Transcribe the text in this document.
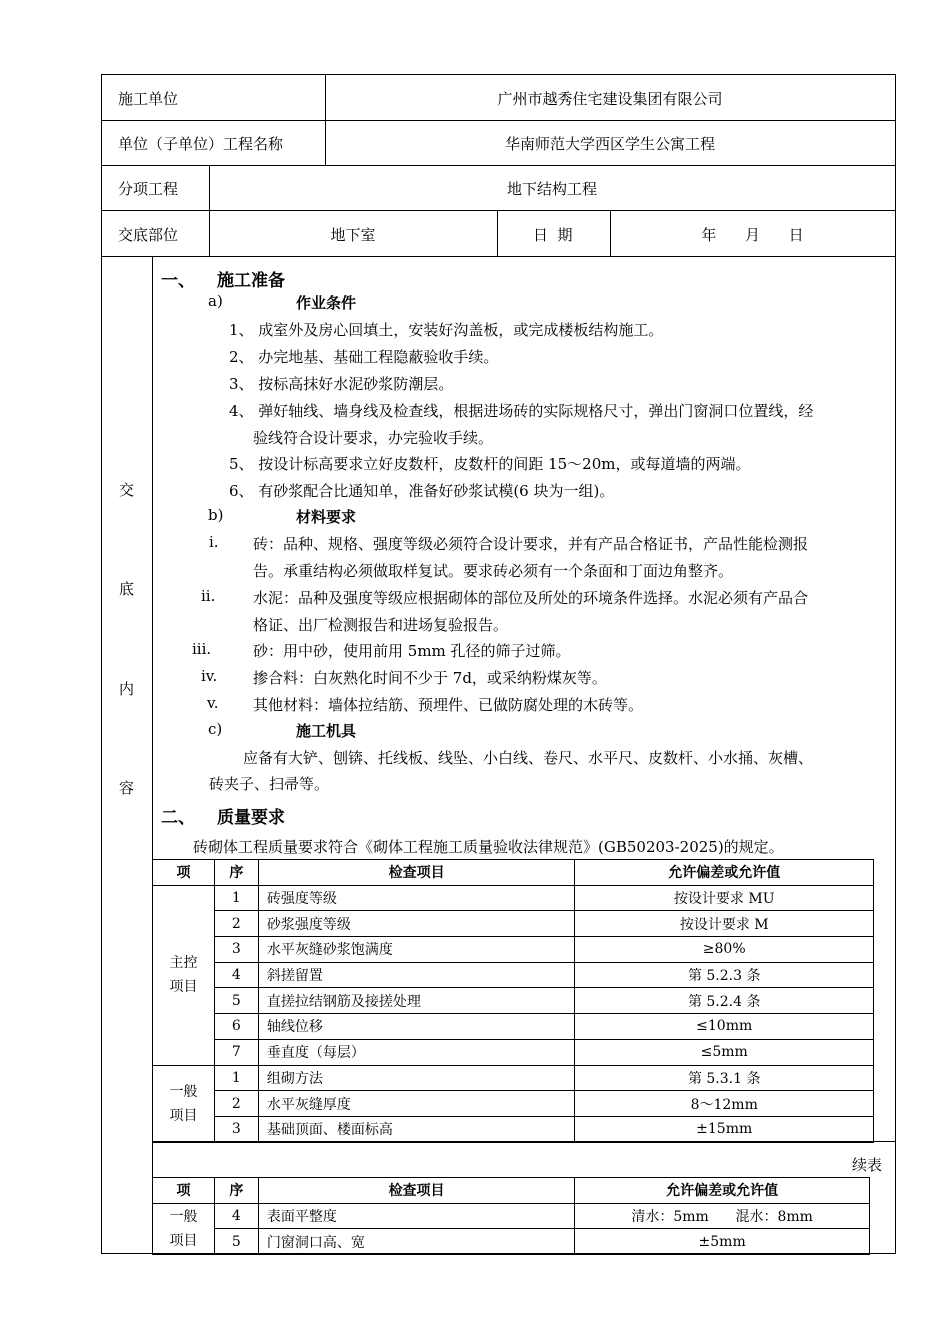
施工单位	广州市越秀住宅建设集团有限公司
单位（子单位）工程名称	华南师范大学西区学生公寓工程
分项工程	地下结构工程
交底部位	地下室	日  期	年      月      日
交
底
内
容
一、 施工准备
a)	作业条件
1、 成室外及房心回填土，安装好沟盖板，或完成楼板结构施工。
2、 办完地基、基础工程隐蔽验收手续。
3、 按标高抹好水泥砂浆防潮层。
4、 弹好轴线、墙身线及检查线，根据进场砖的实际规格尺寸，弹出门窗洞口位置线，经
验线符合设计要求，办完验收手续。
5、 按设计标高要求立好皮数杆，皮数杆的间距 15～20m，或每道墙的两端。
6、 有砂浆配合比通知单，准备好砂浆试模(6 块为一组)。
b)	材料要求
i. 砖：品种、规格、强度等级必须符合设计要求，并有产品合格证书，产品性能检测报
告。承重结构必须做取样复试。要求砖必须有一个条面和丁面边角整齐。
ii.	水泥：品种及强度等级应根据砌体的部位及所处的环境条件选择。水泥必须有产品合
格证、出厂检测报告和进场复验报告。
iii.	砂：用中砂，使用前用 5mm 孔径的筛子过筛。
iv. 掺合料：白灰熟化时间不少于 7d，或采纳粉煤灰等。
v. 其他材料：墙体拉结筋、预埋件、已做防腐处理的木砖等。
c)	施工机具
应备有大铲、刨锛、托线板、线坠、小白线、卷尺、水平尺、皮数杆、小水捅、灰槽、
砖夹子、扫帚等。
二、 质量要求
砖砌体工程质量要求符合《砌体工程施工质量验收法律规范》(GB50203-2025)的规定。
项	序	检查项目	允许偏差或允许值
主控项目	1	砖强度等级	按设计要求 MU
	2	砂浆强度等级	按设计要求 M
	3	水平灰缝砂浆饱满度	≥80%
	4	斜搓留置	第 5.2.3 条
	5	直搓拉结钢筋及接搓处理	第 5.2.4 条
	6	轴线位移	≤10mm
	7	垂直度（每层）	≤5mm
一般项目	1	组砌方法	第 5.3.1 条
	2	水平灰缝厚度	8～12mm
	3	基础顶面、楼面标高	±15mm
续表
项	序	检查项目	允许偏差或允许值
一般项目	4	表面平整度	清水：5mm      混水：8mm
	5	门窗洞口高、宽	±5mm
